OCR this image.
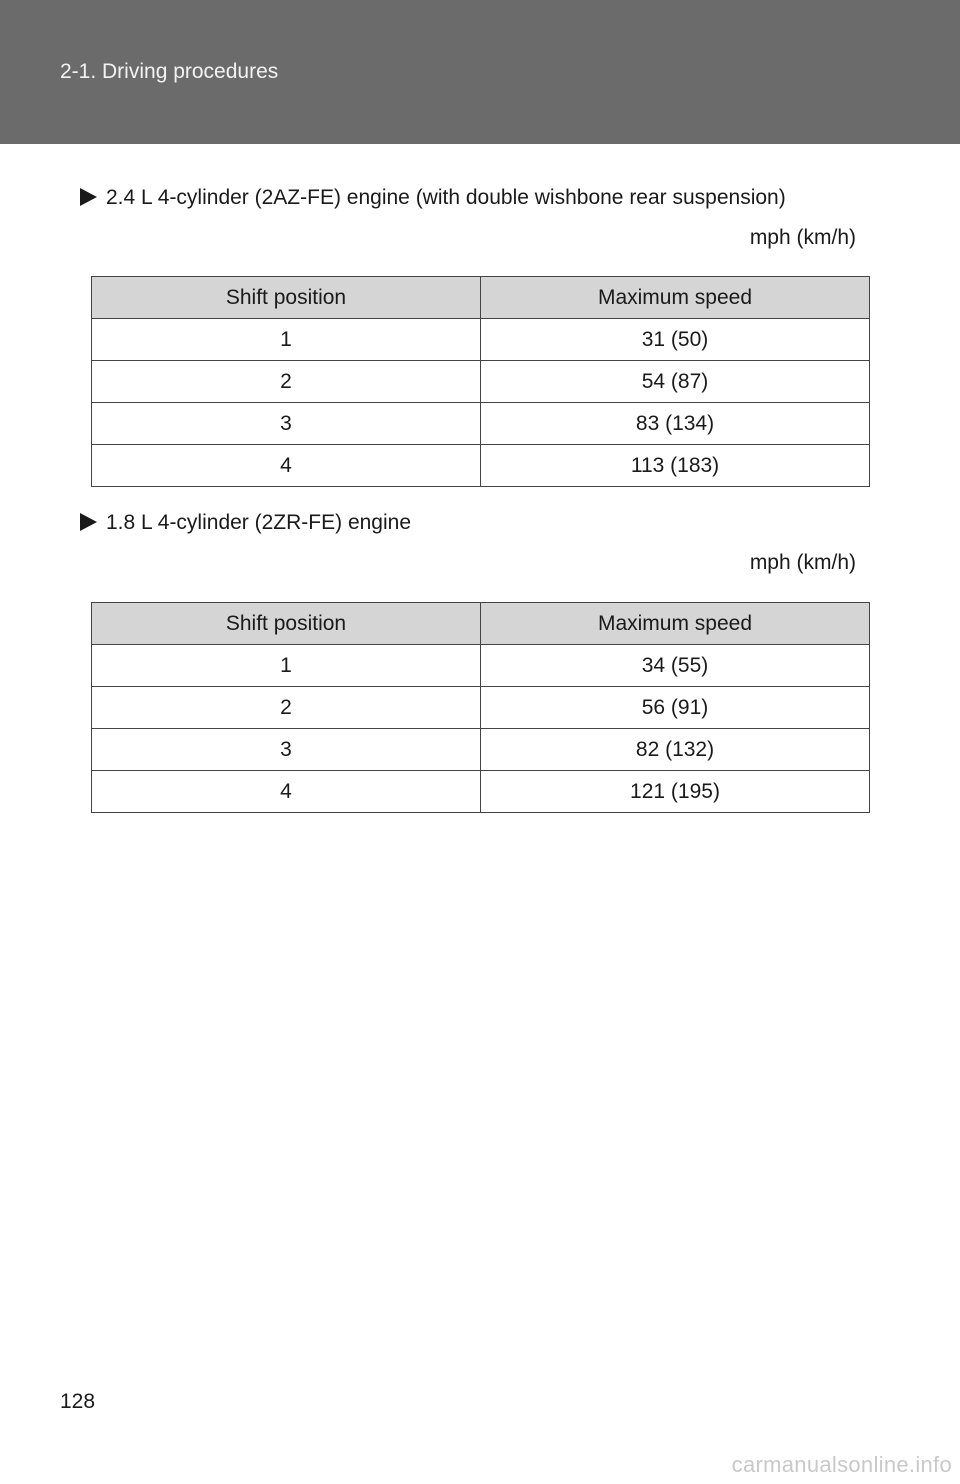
2-1. Driving procedures
2.4 L 4-cylinder (2AZ-FE) engine (with double wishbone rear suspension)
mph (km/h)
Shift position	Maximum speed
1	31 (50)
2	54 (87)
3	83 (134)
4	113 (183)
1.8 L 4-cylinder (2ZR-FE) engine
mph (km/h)
Shift position	Maximum speed
1	34 (55)
2	56 (91)
3	82 (132)
4	121 (195)
128
carmanualsonline.info
